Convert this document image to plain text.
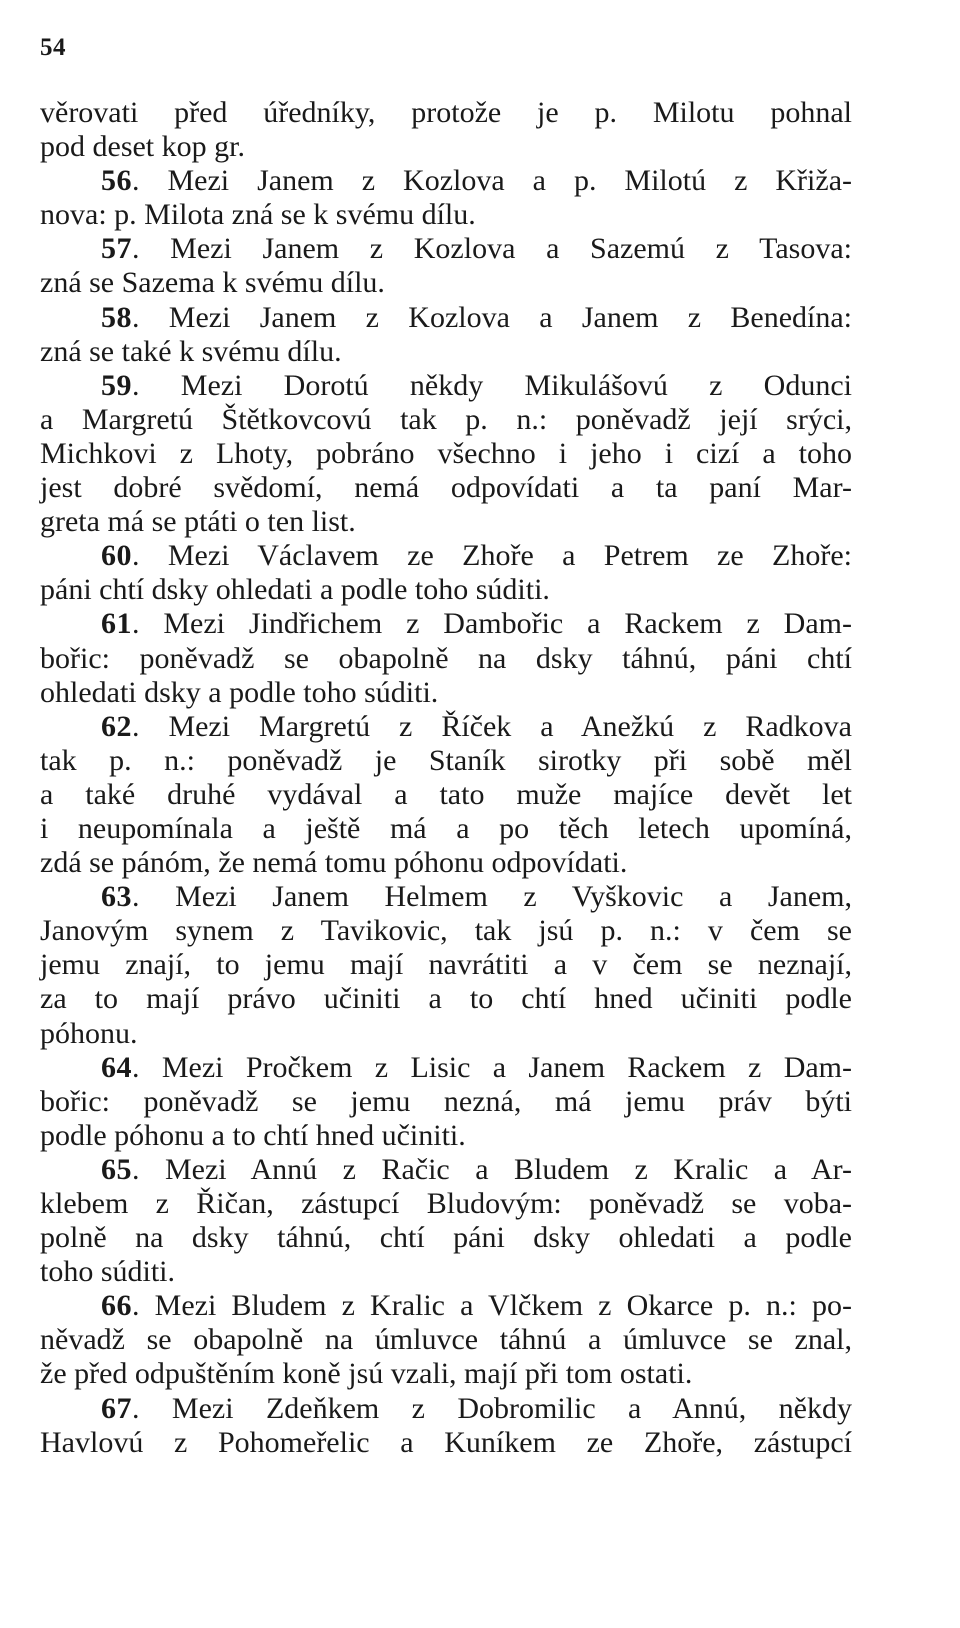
54
věrovati před úředníky, protože je p. Milotu pohnal
pod deset kop gr.
56. Mezi Janem z Kozlova a p. Milotú z Křiža-
nova: p. Milota zná se k svému dílu.
57. Mezi Janem z Kozlova a Sazemú z Tasova:
zná se Sazema k svému dílu.
58. Mezi Janem z Kozlova a Janem z Benedína:
zná se také k svému dílu.
59. Mezi Dorotú někdy Mikulášovú z Odunci
a Margretú Štětkovcovú tak p. n.: poněvadž její srýci,
Michkovi z Lhoty, pobráno všechno i jeho i cizí a toho
jest dobré svědomí, nemá odpovídati a ta paní Mar-
greta má se ptáti o ten list.
60. Mezi Václavem ze Zhoře a Petrem ze Zhoře:
páni chtí dsky ohledati a podle toho súditi.
61. Mezi Jindřichem z Dambořic a Rackem z Dam-
bořic: poněvadž se obapolně na dsky táhnú, páni chtí
ohledati dsky a podle toho súditi.
62. Mezi Margretú z Říček a Anežkú z Radkova
tak p. n.: poněvadž je Staník sirotky při sobě měl
a také druhé vydával a tato muže majíce devět let
i neupomínala a ještě má a po těch letech upomíná,
zdá se pánóm, že nemá tomu póhonu odpovídati.
63. Mezi Janem Helmem z Vyškovic a Janem,
Janovým synem z Tavikovic, tak jsú p. n.: v čem se
jemu znají, to jemu mají navrátiti a v čem se neznají,
za to mají právo učiniti a to chtí hned učiniti podle
póhonu.
64. Mezi Pročkem z Lisic a Janem Rackem z Dam-
bořic: poněvadž se jemu nezná, má jemu práv býti
podle póhonu a to chtí hned učiniti.
65. Mezi Annú z Račic a Bludem z Kralic a Ar-
klebem z Řičan, zástupcí Bludovým: poněvadž se voba-
polně na dsky táhnú, chtí páni dsky ohledati a podle
toho súditi.
66. Mezi Bludem z Kralic a Vlčkem z Okarce p. n.: po-
něvadž se obapolně na úmluvce táhnú a úmluvce se znal,
že před odpuštěním koně jsú vzali, mají při tom ostati.
67. Mezi Zdeňkem z Dobromilic a Annú, někdy
Havlovú z Pohomeřelic a Kuníkem ze Zhoře, zástupcí
